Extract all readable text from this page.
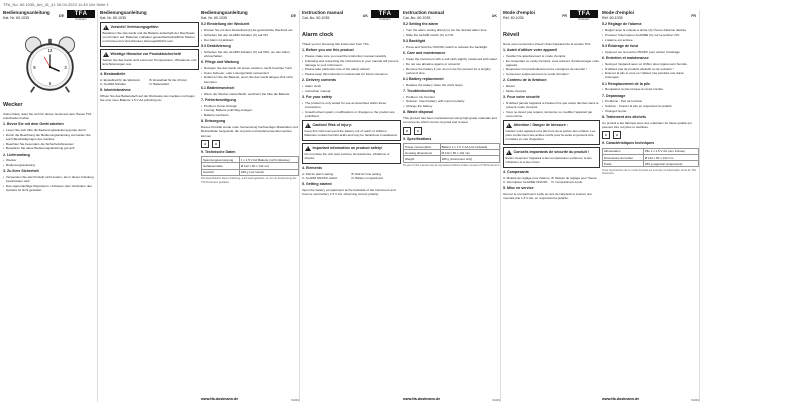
TFA_No. 60.1035_Ani_41_41 05.04.2023 11:49 Uhr Seite 1
DE	TFA
Dostmann
Bedienungsanleitung
Kat. Nr. 60.1035
12
3
6
9
Wecker

Vielen Dank, dass Sie sich für dieses Gerät aus dem Hause TFA entschieden haben.

1. Bevor Sie mit dem Gerät arbeiten
• Lesen Sie sich bitte die Bedienungsanleitung genau durch.
• Durch die Beachtung der Bedienungsanleitung vermeiden Sie auch Beschädigungen des Gerätes.
• Beachten Sie besonders die Sicherheitshinweise!
• Bewahren Sie diese Bedienungsanleitung gut auf!
2. Lieferumfang
• Wecker
• Bedienungsanleitung
3. Zu Ihrer Sicherheit
• Verwenden Sie das Produkt nicht anders, als in dieser Anleitung beschrieben wird.
• Das eigenmächtige Reparieren, Umbauen oder Verändern des Gerätes ist nicht gestattet.
Bedienungsanleitung
Kat. Nr. 60.1035
!
Vorsicht! Verletzungsgefahr:

Bewahren Sie das Gerät und die Batterie außerhalb der Reichweite von Kindern auf. Batterien enthalten gesundheitsschädliche Säuren und können bei Verschlucken lebensgefährlich sein.

!
Wichtige Hinweise zur Produktsicherheit!

Setzen Sie das Gerät nicht extremen Temperaturen, Vibrationen und Erschütterungen aus.

4. Bestandteile
A: Einstellrad für die Weckzeit	B: Einstellrad für die Uhrzeit
C: ALARM-Schalter	D: Batteriefach
5. Inbetriebnahme

Öffnen Sie das Batteriefach auf der Rückseite des Gerätes und legen Sie eine neue Batterie 1,5 V AA polrichtig ein.

DE
Bedienungsanleitung
Kat. Nr. 60.1035
5.2 Einstellung der Weckzeit
• Drehen Sie mit dem Einstellrad (A) die gewünschte Weckzeit ein.
• Schieben Sie den ALARM-Schalter (C) auf ON.
• Der Alarm ist aktiviert.
5.3 Deaktivierung
• Schieben Sie den ALARM-Schalter (C) auf OFF, um den Alarm abzuschalten.
6. Pflege und Wartung
• Reinigen Sie das Gerät mit einem weichen, leicht feuchten Tuch.
• Keine Scheuer- oder Lösungsmittel verwenden!
• Entfernen Sie die Batterie, wenn Sie das Gerät längere Zeit nicht benutzen.
6.1 Batteriewechsel
• Wenn der Wecker stehenbleibt, wechseln Sie bitte die Batterie.
7. Fehlerbeseitigung
• Problem: Keine Anzeige
• Lösung: Batterie polrichtig einlegen
• Batterie wechseln
8. Entsorgung

Dieses Produkt wurde unter Verwendung hochwertiger Materialien und Bestandteile hergestellt, die recycelt und wiederverwendet werden können.

⊠	⊠
9. Technische Daten
Spannungsversorgung	1 x 1,5 V AA Batterie (nicht inklusive)
Gehäusemaße	Ø 112 x 60 x 142 mm
Gewicht	189 g (nur Gerät)

Die Reproduktion dieser Anleitung, auch auszugsweise, ist nur mit Zustimmung der TFA Dostmann gestattet.

www.tfa-dostmann.de	04/23
UK	TFA
Dostmann
Instruction manual
Cat.-No. 60.1035
Alarm clock

Thank you for choosing this instrument from TFA.

1. Before you use this product
• Please make sure you read the instruction manual carefully.
• Following and respecting the instructions in your manual will prevent damage to your instrument.
• Please take particular note of the safety advice!
• Please keep this instruction manual safe for future reference.
2. Delivery contents
• Alarm clock
• Instruction manual
3. For your safety
• The product is only suited for use as described within these instructions.
• Unauthorized repairs, modifications or changes to the product are prohibited.
!
Caution! Risk of injury:

Keep this instrument and the battery out of reach of children. Batteries contain harmful acids and may be hazardous if swallowed.

!
Important information on product safety!

Do not place the unit near extreme temperatures, vibrations or shocks.

4. Elements
A: Dial for alarm setting	B: Dial for time setting
C: ALARM ON/OFF switch	D: Battery compartment
5. Getting started

Open the battery compartment at the backside of the instrument and insert a new battery 1.5 V AA, observing correct polarity.

UK
Instruction manual
Cat.-No. 60.1035
5.2 Setting the alarm
• Turn the alarm setting dial (A) to set the desired alarm time.
• Slide the ALARM switch (C) to ON.
5.3 Backlight
• Press and hold the ON/OFF switch to activate the backlight.
6. Care and maintenance
• Clean the instrument with a soft cloth slightly moistened with water.
• Do not use abrasive agents or solvents!
• Remove the battery if you do not use the product for a lengthy period of time.
6.1 Battery replacement
• Replace the battery when the clock stops.
7. Troubleshooting
• Problem: No function
• Solution: Insert battery with correct polarity
• Change the battery
8. Waste disposal

This product has been manufactured using high-grade materials and components which can be recycled and reused.

⊠	⊠
9. Specifications
Power consumption	Battery 1 x 1.5 V AA (not included)
Housing dimensions	Ø 112 x 60 x 142 mm
Weight	189 g (instrument only)

No part of this manual may be reproduced without written consent of TFA Dostmann.

www.tfa-dostmann.de	04/23
FR	TFA
Dostmann
Mode d'emploi
Réf. 60.1035
Réveil

Nous vous remercions d'avoir choisi l'appareil de la société TFA.

1. Avant d'utiliser votre appareil
• Veuillez lire attentivement le mode d'emploi.
• En respectant ce mode d'emploi, vous éviterez d'endommager votre appareil.
• Respectez tout particulièrement les consignes de sécurité !
• Conservez soigneusement ce mode d'emploi !
2. Contenu de la livraison
• Réveil
• Mode d'emploi
3. Pour votre sécurité
• N'utilisez jamais l'appareil à d'autres fins que celles décrites dans le présent mode d'emploi.
• Vous ne devez pas réparer, démonter ou modifier l'appareil par vous-même.
!
Attention ! Danger de blessure :

Gardez votre appareil et la pile hors de la portée des enfants. Les piles contiennent des acides nocifs pour la santé et peuvent être mortelles en cas d'ingestion.

!
Conseils importants de sécurité du produit !

Évitez d'exposer l'appareil à des températures extrêmes, à des vibrations et à des chocs.

4. Composants
A: Molette de réglage pour l'alarme B: Molette de réglage pour l'heure
C: Interrupteur ALARME ON/OFF	D: Compartiment à pile
5. Mise en service

Ouvrez le compartiment à pile au dos de l'appareil et insérez une nouvelle pile 1,5 V AA, en respectant la polarité.

FR
Mode d'emploi
Réf. 60.1035
5.2 Réglage de l'alarme
• Réglez avec la molette à droite (A) l'heure d'alarme désirée.
• Poussez l'interrupteur ALARME (C) sur la position ON.
• L'alarme est activée.
5.3 Éclairage de fond
• Appuyez sur la touche ON/OFF pour activer l'éclairage.
6. Entretien et maintenance
• Nettoyez l'appareil avec un chiffon doux légèrement humide.
• N'utilisez pas de produits abrasifs ou de solvants !
• Enlevez la pile si vous ne l'utilisez pas pendant une durée prolongée.
6.1 Remplacement de la pile
• Remplacez la pile lorsque le réveil s'arrête.
7. Dépannage
• Problème : Pas de fonction
• Solution : Insérez la pile en respectant la polarité
• Changez la pile
8. Traitement des déchets

Ce produit a été fabriqué avec des matériaux de haute qualité qui peuvent être recyclés et réutilisés.

⊠	⊠
9. Caractéristiques techniques
Alimentation	Pile 1 x 1,5 V AA (non incluse)
Dimensions du boîtier	Ø 112 x 60 x 142 mm
Poids	189 g (appareil uniquement)

Toute reproduction de ce mode d'emploi est soumise à l'autorisation écrite de TFA Dostmann.

www.tfa-dostmann.de	04/23
